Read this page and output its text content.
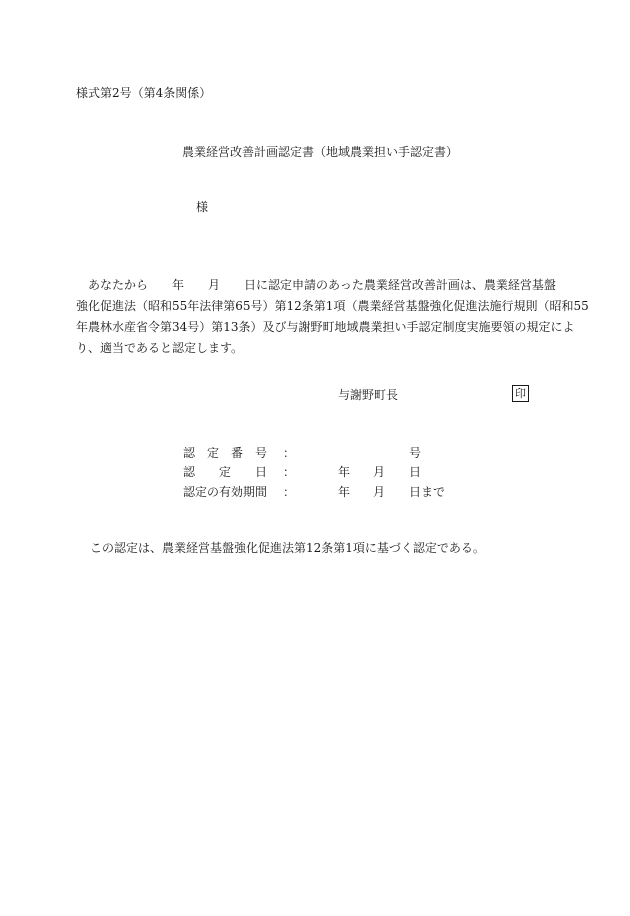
様式第2号（第4条関係）
農業経営改善計画認定書（地域農業担い手認定書）
様
　あなたから　　年　　月　　日に認定申請のあった農業経営改善計画は、農業経営基盤
強化促進法（昭和55年法律第65号）第12条第1項（農業経営基盤強化促進法施行規則（昭和55
年農林水産省令第34号）第13条）及び与謝野町地域農業担い手認定制度実施要領の規定によ
り、適当であると認定します。
与謝野町長	印
認　定　番　号 ：	号
認　　定　　日 ：	年 月 日
認定の有効期間 ：	年 月 日まで
この認定は、農業経営基盤強化促進法第12条第1項に基づく認定である。
